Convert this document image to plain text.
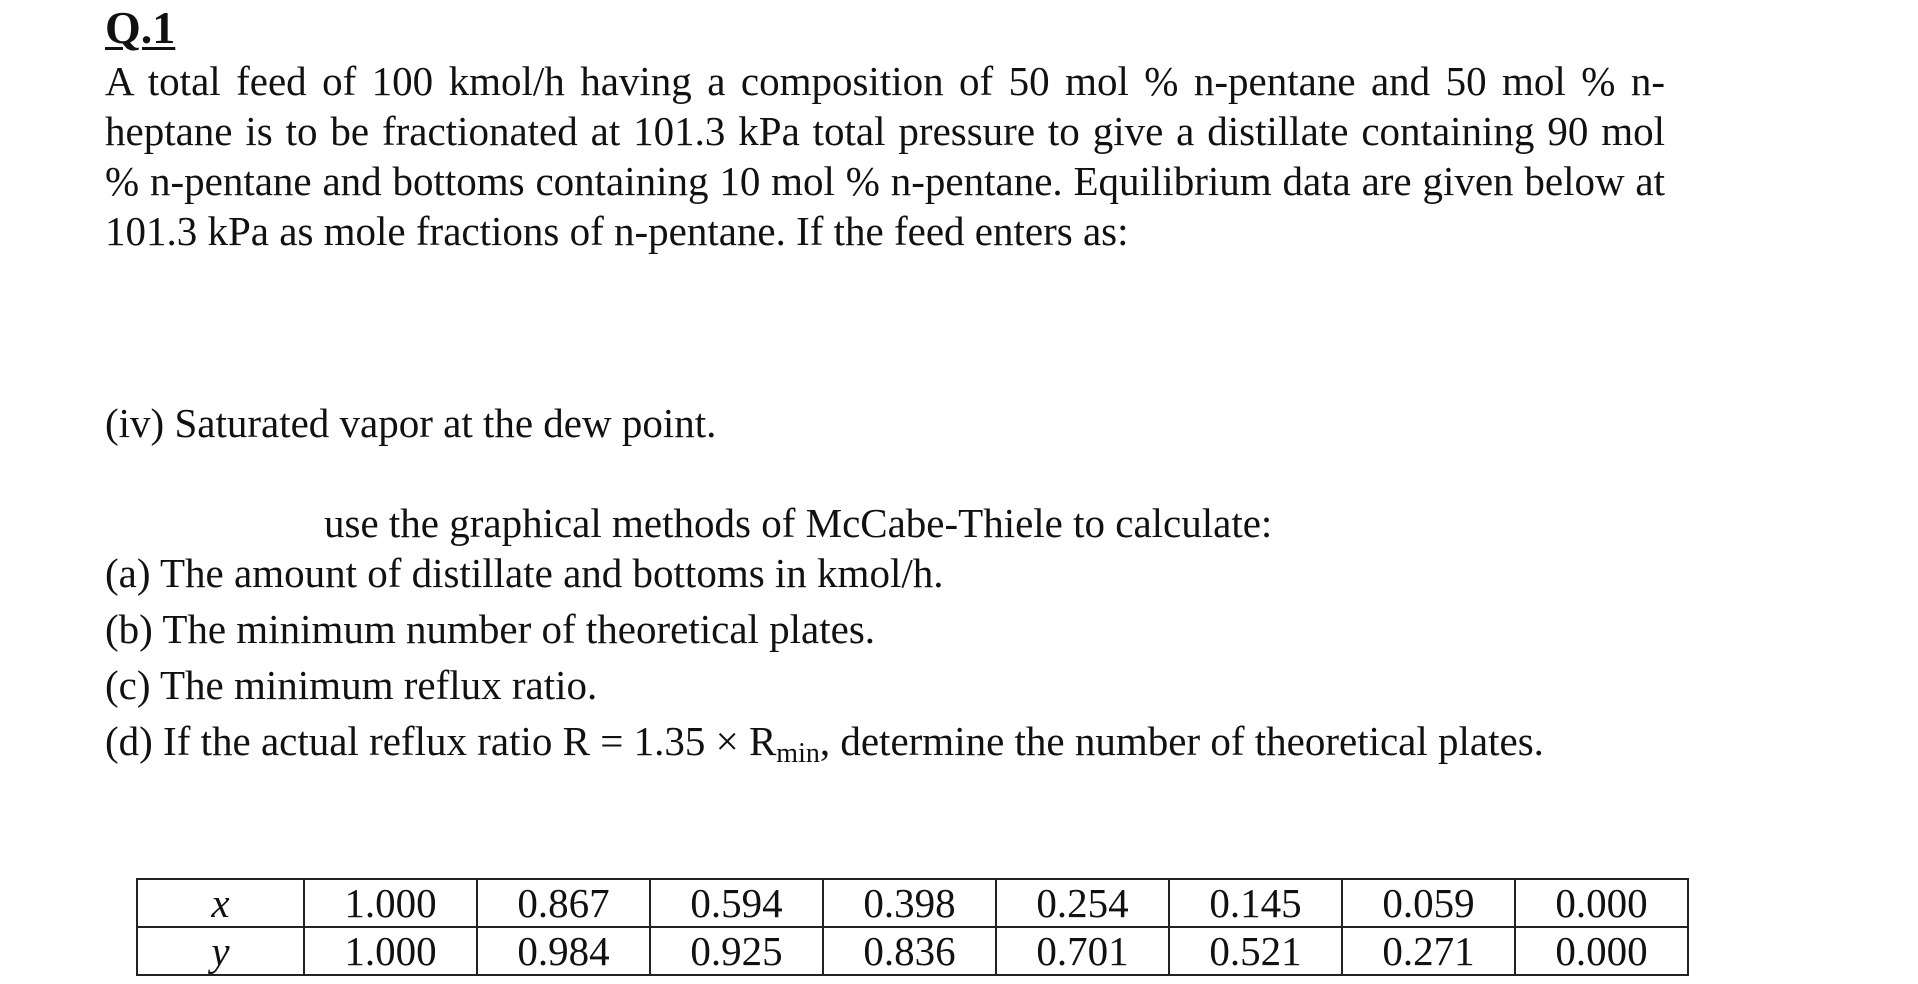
Q.1

A total feed of 100 kmol/h having a composition of 50 mol % n-pentane and 50 mol % n-heptane is to be fractionated at 101.3 kPa total pressure to give a distillate containing 90 mol % n-pentane and bottoms containing 10 mol % n-pentane. Equilibrium data are given below at 101.3 kPa as mole fractions of n-pentane. If the feed enters as:

(iv) Saturated vapor at the dew point.
use the graphical methods of McCabe-Thiele to calculate:
(a) The amount of distillate and bottoms in kmol/h.
(b) The minimum number of theoretical plates.
(c) The minimum reflux ratio.
(d) If the actual reflux ratio $R = 1.35 \times R_{min}$, determine the number of theoretical plates.
x	1.000	0.867	0.594	0.398	0.254	0.145	0.059	0.000
y	1.000	0.984	0.925	0.836	0.701	0.521	0.271	0.000
